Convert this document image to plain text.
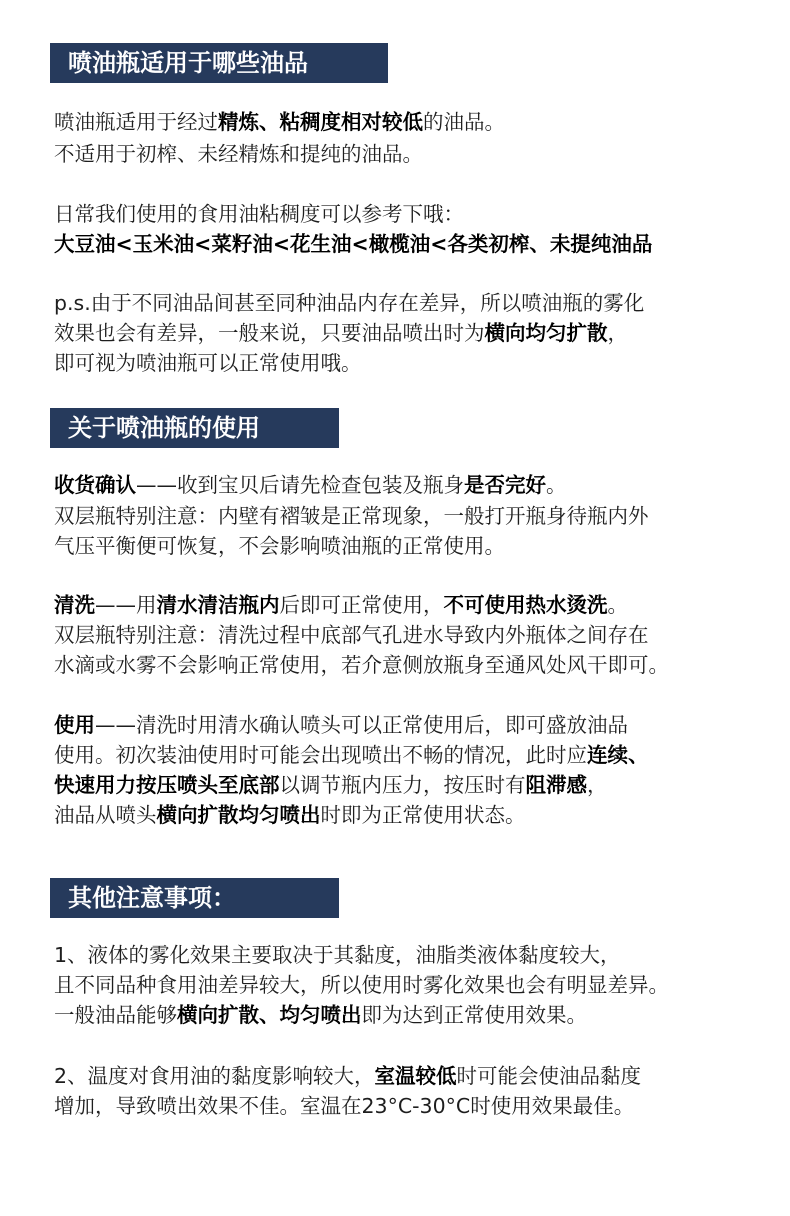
喷油瓶适用于哪些油品
喷油瓶适用于经过精炼、粘稠度相对较低的油品。
不适用于初榨、未经精炼和提纯的油品。
日常我们使用的食用油粘稠度可以参考下哦：
大豆油<玉米油<菜籽油<花生油<橄榄油<各类初榨、未提纯油品
p.s.由于不同油品间甚至同种油品内存在差异，所以喷油瓶的雾化
效果也会有差异，一般来说，只要油品喷出时为横向均匀扩散，
即可视为喷油瓶可以正常使用哦。
关于喷油瓶的使用
收货确认——收到宝贝后请先检查包装及瓶身是否完好。
双层瓶特别注意：内壁有褶皱是正常现象，一般打开瓶身待瓶内外
气压平衡便可恢复，不会影响喷油瓶的正常使用。
清洗——用清水清洁瓶内后即可正常使用，不可使用热水烫洗。
双层瓶特别注意：清洗过程中底部气孔进水导致内外瓶体之间存在
水滴或水雾不会影响正常使用，若介意侧放瓶身至通风处风干即可。
使用——清洗时用清水确认喷头可以正常使用后，即可盛放油品
使用。初次装油使用时可能会出现喷出不畅的情况，此时应连续、
快速用力按压喷头至底部以调节瓶内压力，按压时有阻滞感，
油品从喷头横向扩散均匀喷出时即为正常使用状态。
其他注意事项：
1、液体的雾化效果主要取决于其黏度，油脂类液体黏度较大，
且不同品种食用油差异较大，所以使用时雾化效果也会有明显差异。
一般油品能够横向扩散、均匀喷出即为达到正常使用效果。
2、温度对食用油的黏度影响较大，室温较低时可能会使油品黏度
增加，导致喷出效果不佳。室温在23°C-30°C时使用效果最佳。
